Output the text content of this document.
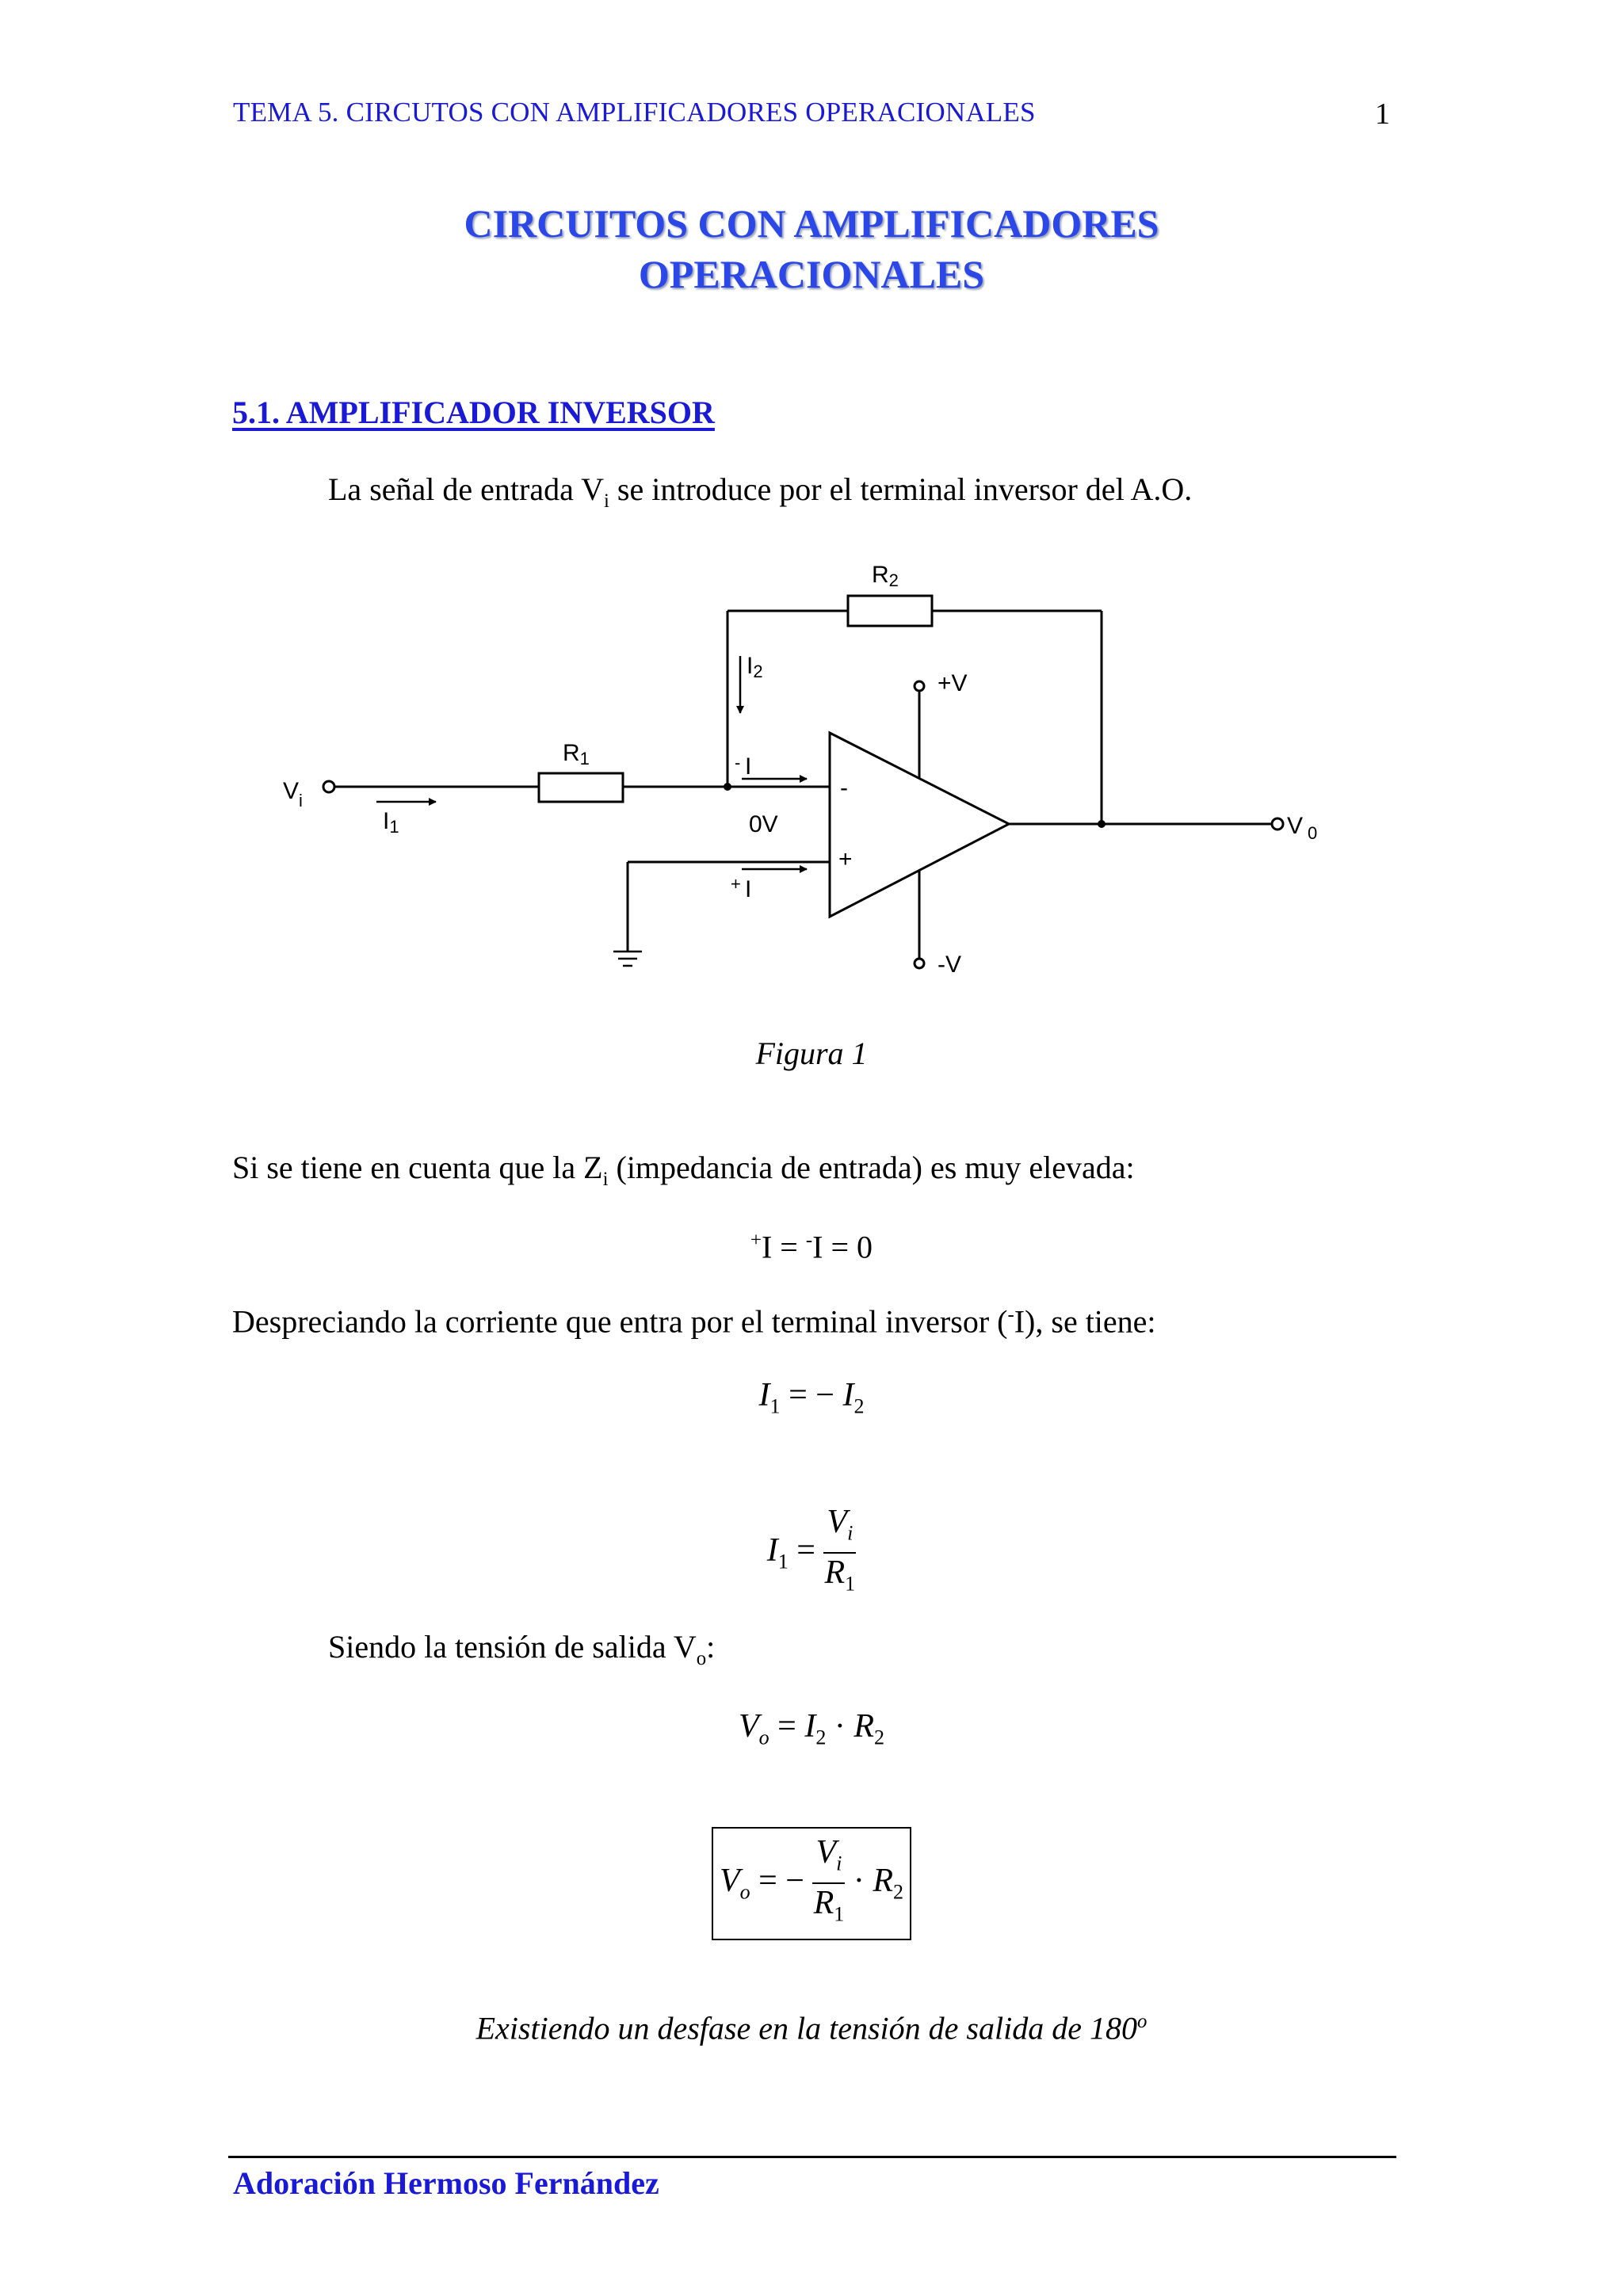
TEMA 5. CIRCUTOS CON AMPLIFICADORES OPERACIONALES	1
CIRCUITOS CON AMPLIFICADORES
OPERACIONALES
5.1. AMPLIFICADOR INVERSOR
La señal de entrada $V_i$ se introduce por el terminal inversor del A.O.
R2
I2	+V
R1	- I
-
$V_i$
I1	0V
+
+ I
V $_0$
-V
Figura 1
Si se tiene en cuenta que la $Z_i$ (impedancia de entrada) es muy elevada:
+I = -I = 0
Despreciando la corriente que entra por el terminal inversor (-I), se tiene:
$I_1$ = − $I_2$
$I_1 = \frac{V_i}{R_1}$
Siendo la tensión de salida $V_o$:
$V_o = I_2 \cdot R_2$
$V_o$ = − $\frac{V_i}{R_1} \cdot R_2$
Existiendo un desfase en la tensión de salida de 180$^o$
Adoración Hermoso Fernández
